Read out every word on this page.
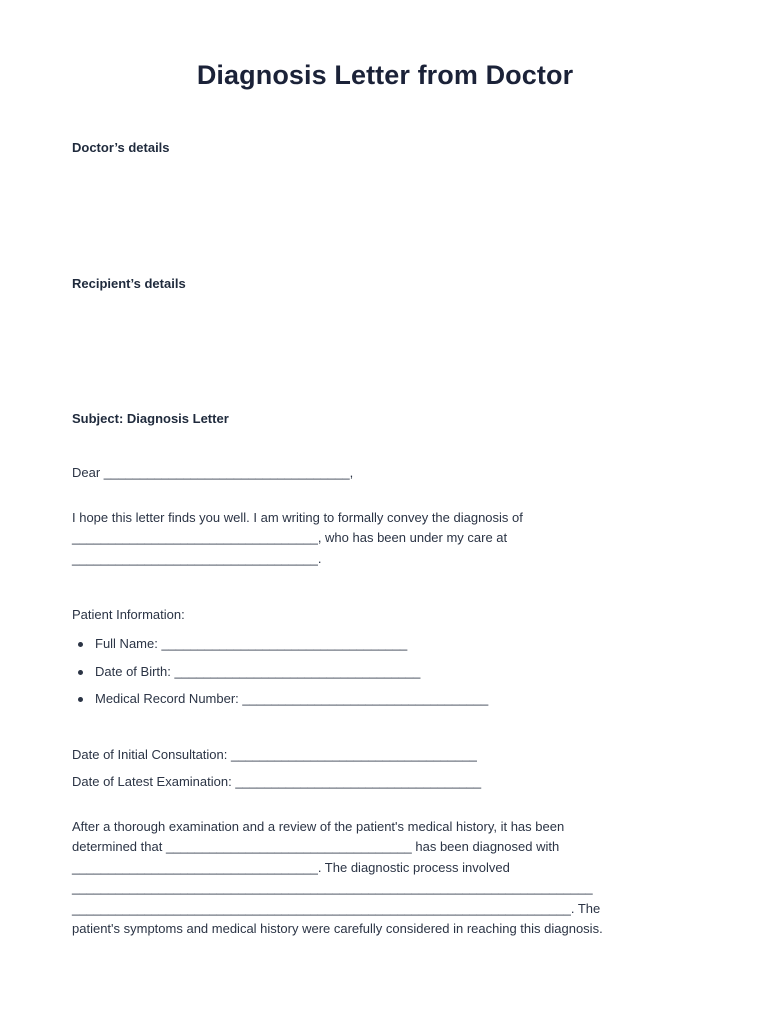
Diagnosis Letter from Doctor

Doctor’s details

Recipient’s details

Subject: Diagnosis Letter

Dear __________________________________,

I hope this letter finds you well. I am writing to formally convey the diagnosis of

__________________________________, who has been under my care at

__________________________________.

Patient Information:

Full Name: __________________________________
Date of Birth: __________________________________
Medical Record Number: __________________________________

Date of Initial Consultation: __________________________________

Date of Latest Examination: __________________________________

After a thorough examination and a review of the patient's medical history, it has been

determined that __________________________________ has been diagnosed with

__________________________________. The diagnostic process involved

________________________________________________________________________

_____________________________________________________________________. The

patient's symptoms and medical history were carefully considered in reaching this diagnosis.
